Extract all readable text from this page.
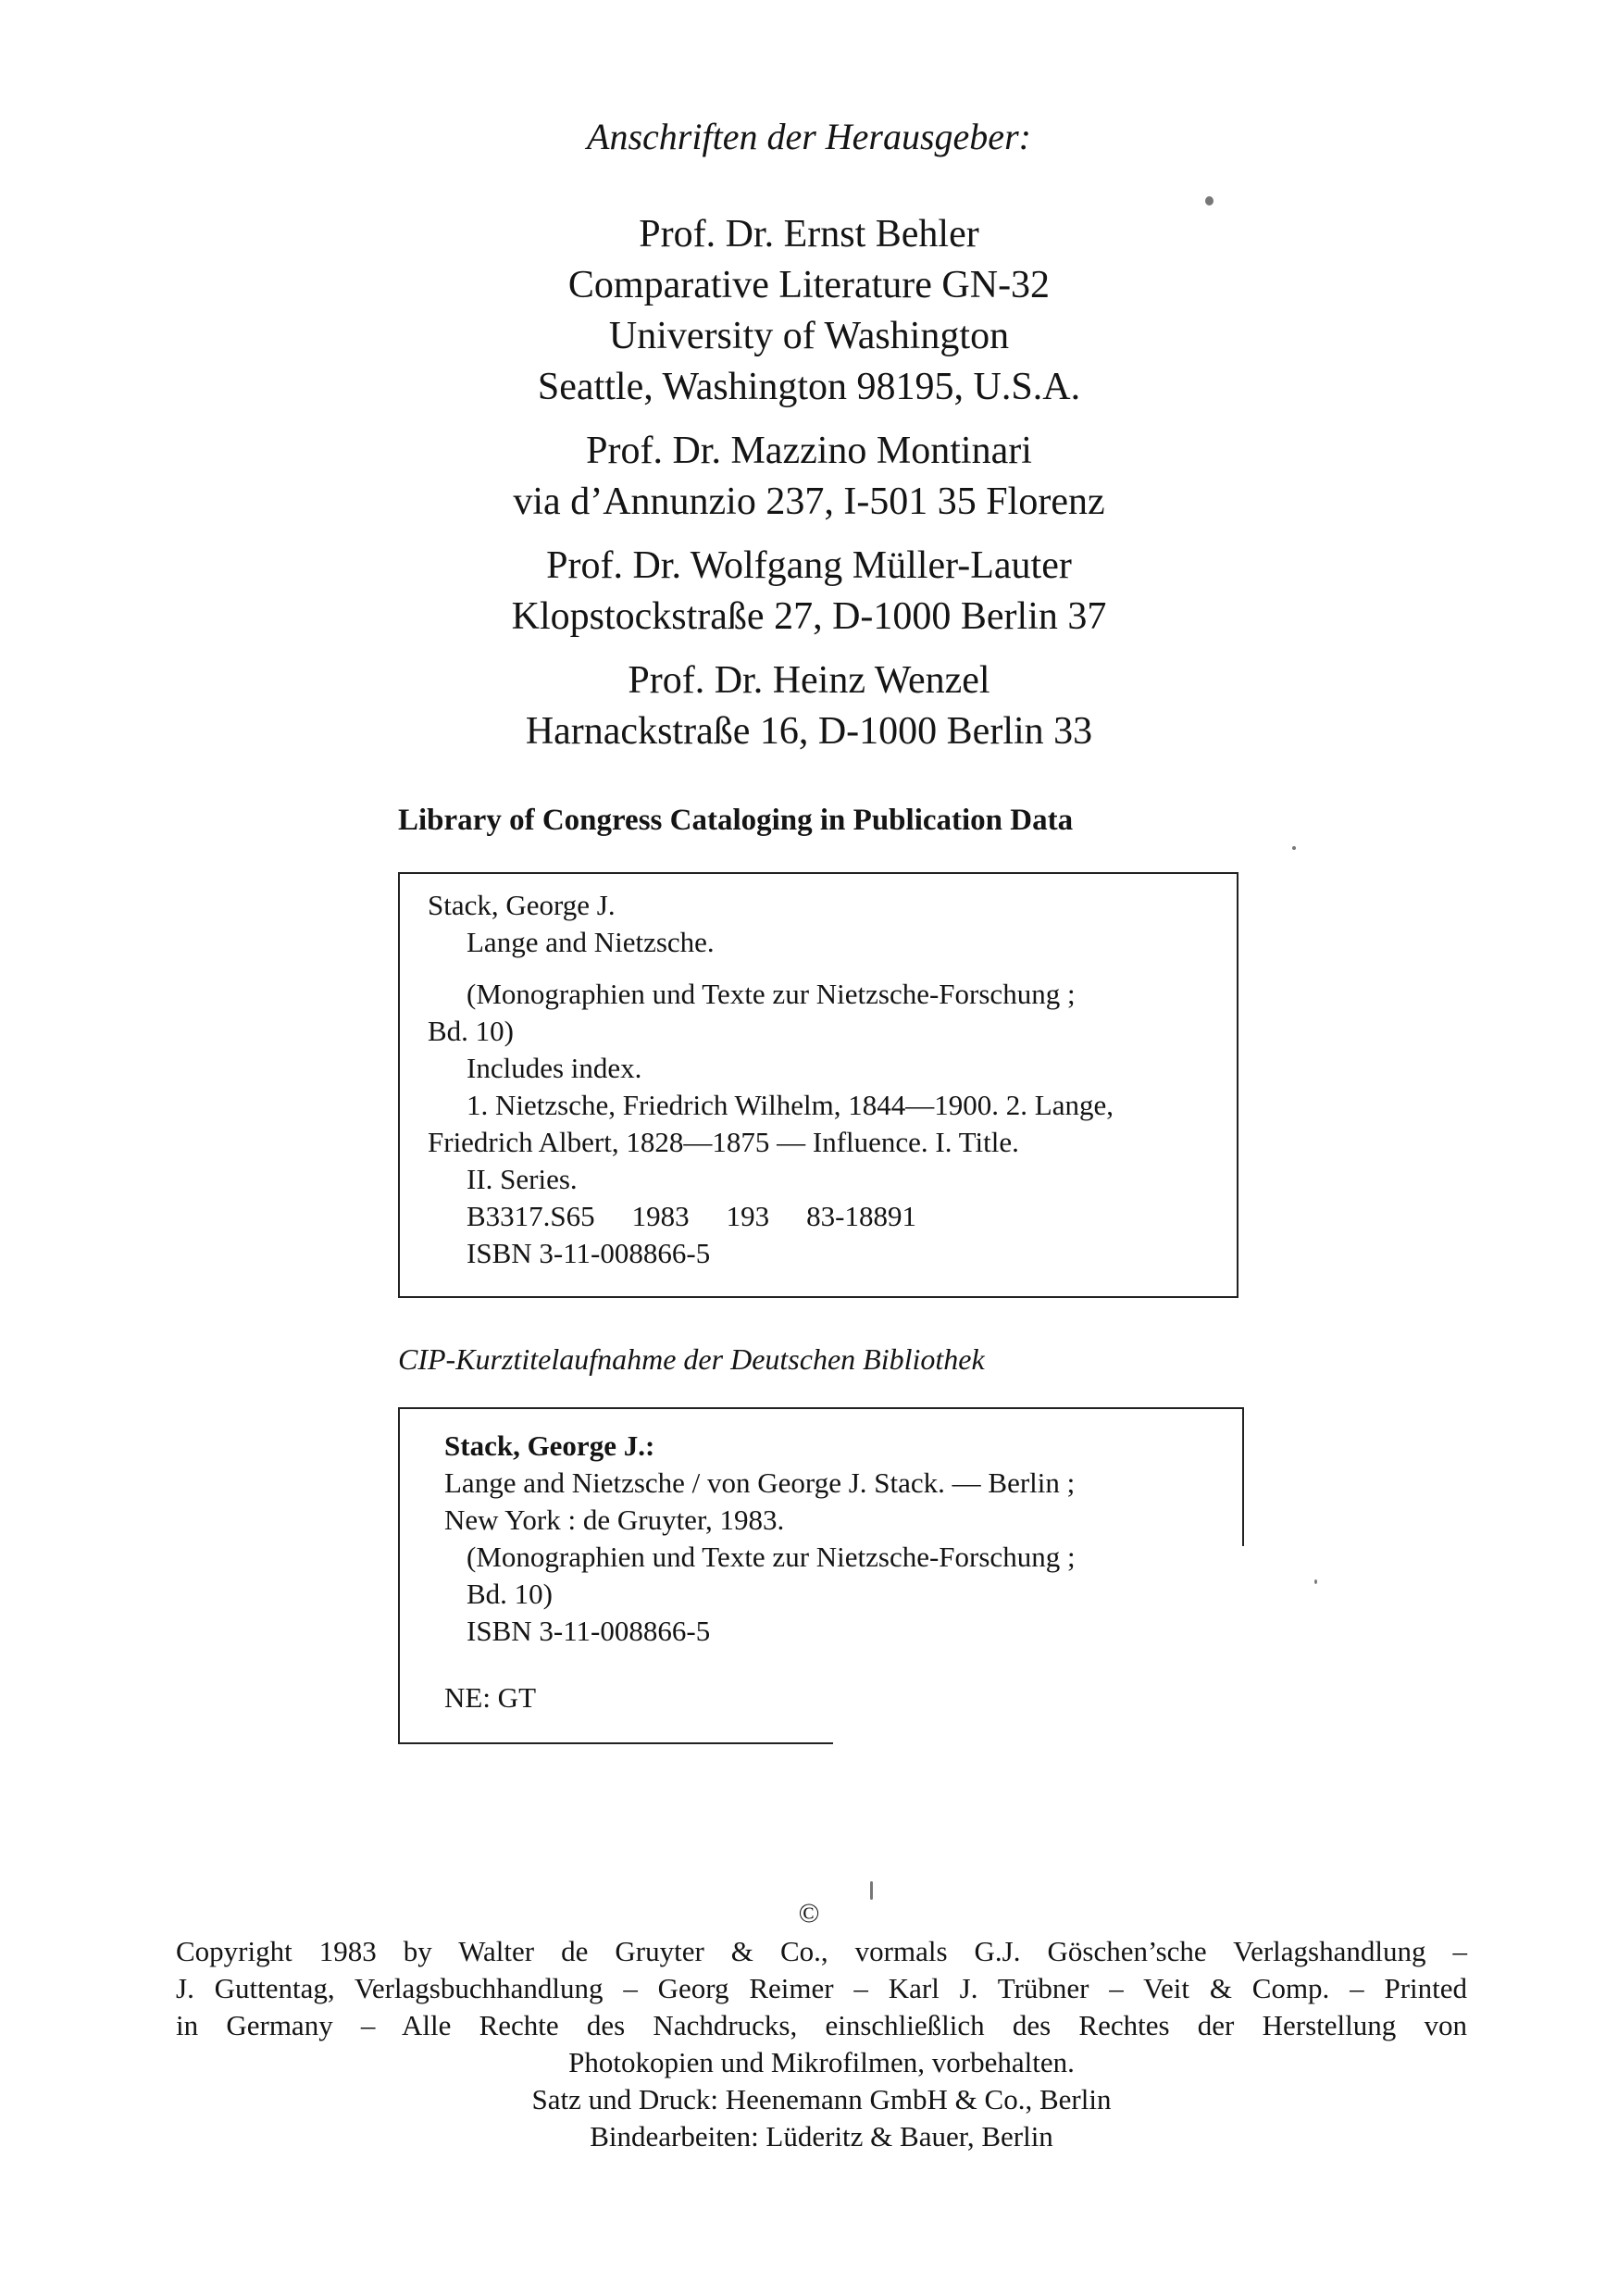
Anschriften der Herausgeber:
Prof. Dr. Ernst Behler
Comparative Literature GN-32
University of Washington
Seattle, Washington 98195, U.S.A.
Prof. Dr. Mazzino Montinari
via d’Annunzio 237, I-501 35 Florenz
Prof. Dr. Wolfgang Müller-Lauter
Klopstockstraße 27, D-1000 Berlin 37
Prof. Dr. Heinz Wenzel
Harnackstraße 16, D-1000 Berlin 33
Library of Congress Cataloging in Publication Data
Stack, George J.
Lange and Nietzsche.
(Monographien und Texte zur Nietzsche-Forschung ;
Bd. 10)
Includes index.
1. Nietzsche, Friedrich Wilhelm, 1844—1900. 2. Lange,
Friedrich Albert, 1828—1875 — Influence. I. Title.
II. Series.
B3317.S65 1983 193 83-18891
ISBN 3-11-008866-5
CIP-Kurztitelaufnahme der Deutschen Bibliothek
Stack, George J.:
Lange and Nietzsche / von George J. Stack. — Berlin ;
New York : de Gruyter, 1983.
(Monographien und Texte zur Nietzsche-Forschung ;
Bd. 10)
ISBN 3-11-008866-5
NE: GT
©
Copyright 1983 by Walter de Gruyter & Co., vormals G.J. Göschen’sche Verlagshandlung –
J. Guttentag, Verlagsbuchhandlung – Georg Reimer – Karl J. Trübner – Veit & Comp. – Printed
in Germany – Alle Rechte des Nachdrucks, einschließlich des Rechtes der Herstellung von
Photokopien und Mikrofilmen, vorbehalten.
Satz und Druck: Heenemann GmbH & Co., Berlin
Bindearbeiten: Lüderitz & Bauer, Berlin
